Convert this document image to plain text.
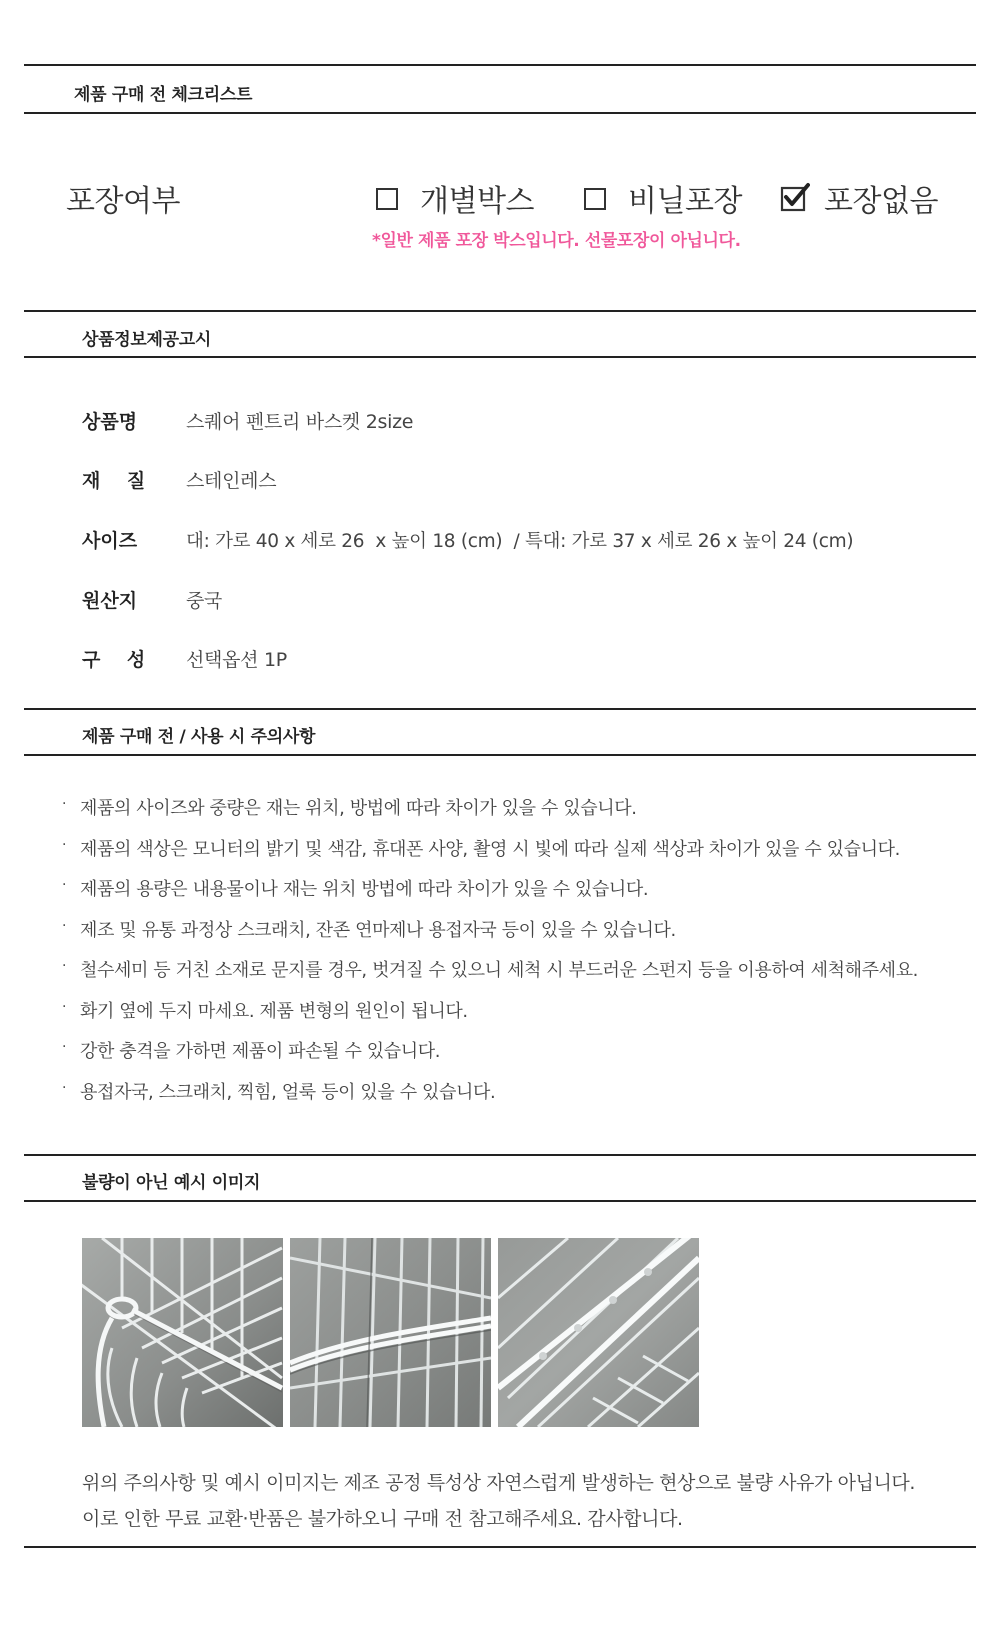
제품 구매 전 체크리스트
포장여부	개별박스	비닐포장	포장없음
*일반 제품 포장 박스입니다. 선물포장이 아닙니다.
상품정보제공고시
상품명	스퀘어 펜트리 바스켓 2size
재    질	스테인레스
사이즈	대: 가로 40 x 세로 26  x 높이 18 (cm)  / 특대: 가로 37 x 세로 26 x 높이 24 (cm)
원산지	중국
구    성	선택옵션 1P
제품 구매 전 / 사용 시 주의사항
· 제품의 사이즈와 중량은 재는 위치, 방법에 따라 차이가 있을 수 있습니다.
· 제품의 색상은 모니터의 밝기 및 색감, 휴대폰 사양, 촬영 시 빛에 따라 실제 색상과 차이가 있을 수 있습니다.
· 제품의 용량은 내용물이나 재는 위치 방법에 따라 차이가 있을 수 있습니다.
· 제조 및 유통 과정상 스크래치, 잔존 연마제나 용접자국 등이 있을 수 있습니다.
· 철수세미 등 거친 소재로 문지를 경우, 벗겨질 수 있으니 세척 시 부드러운 스펀지 등을 이용하여 세척해주세요.
· 화기 옆에 두지 마세요. 제품 변형의 원인이 됩니다.
· 강한 충격을 가하면 제품이 파손될 수 있습니다.
· 용접자국, 스크래치, 찍힘, 얼룩 등이 있을 수 있습니다.
불량이 아닌 예시 이미지
위의 주의사항 및 예시 이미지는 제조 공정 특성상 자연스럽게 발생하는 현상으로 불량 사유가 아닙니다.
이로 인한 무료 교환·반품은 불가하오니 구매 전 참고해주세요. 감사합니다.
